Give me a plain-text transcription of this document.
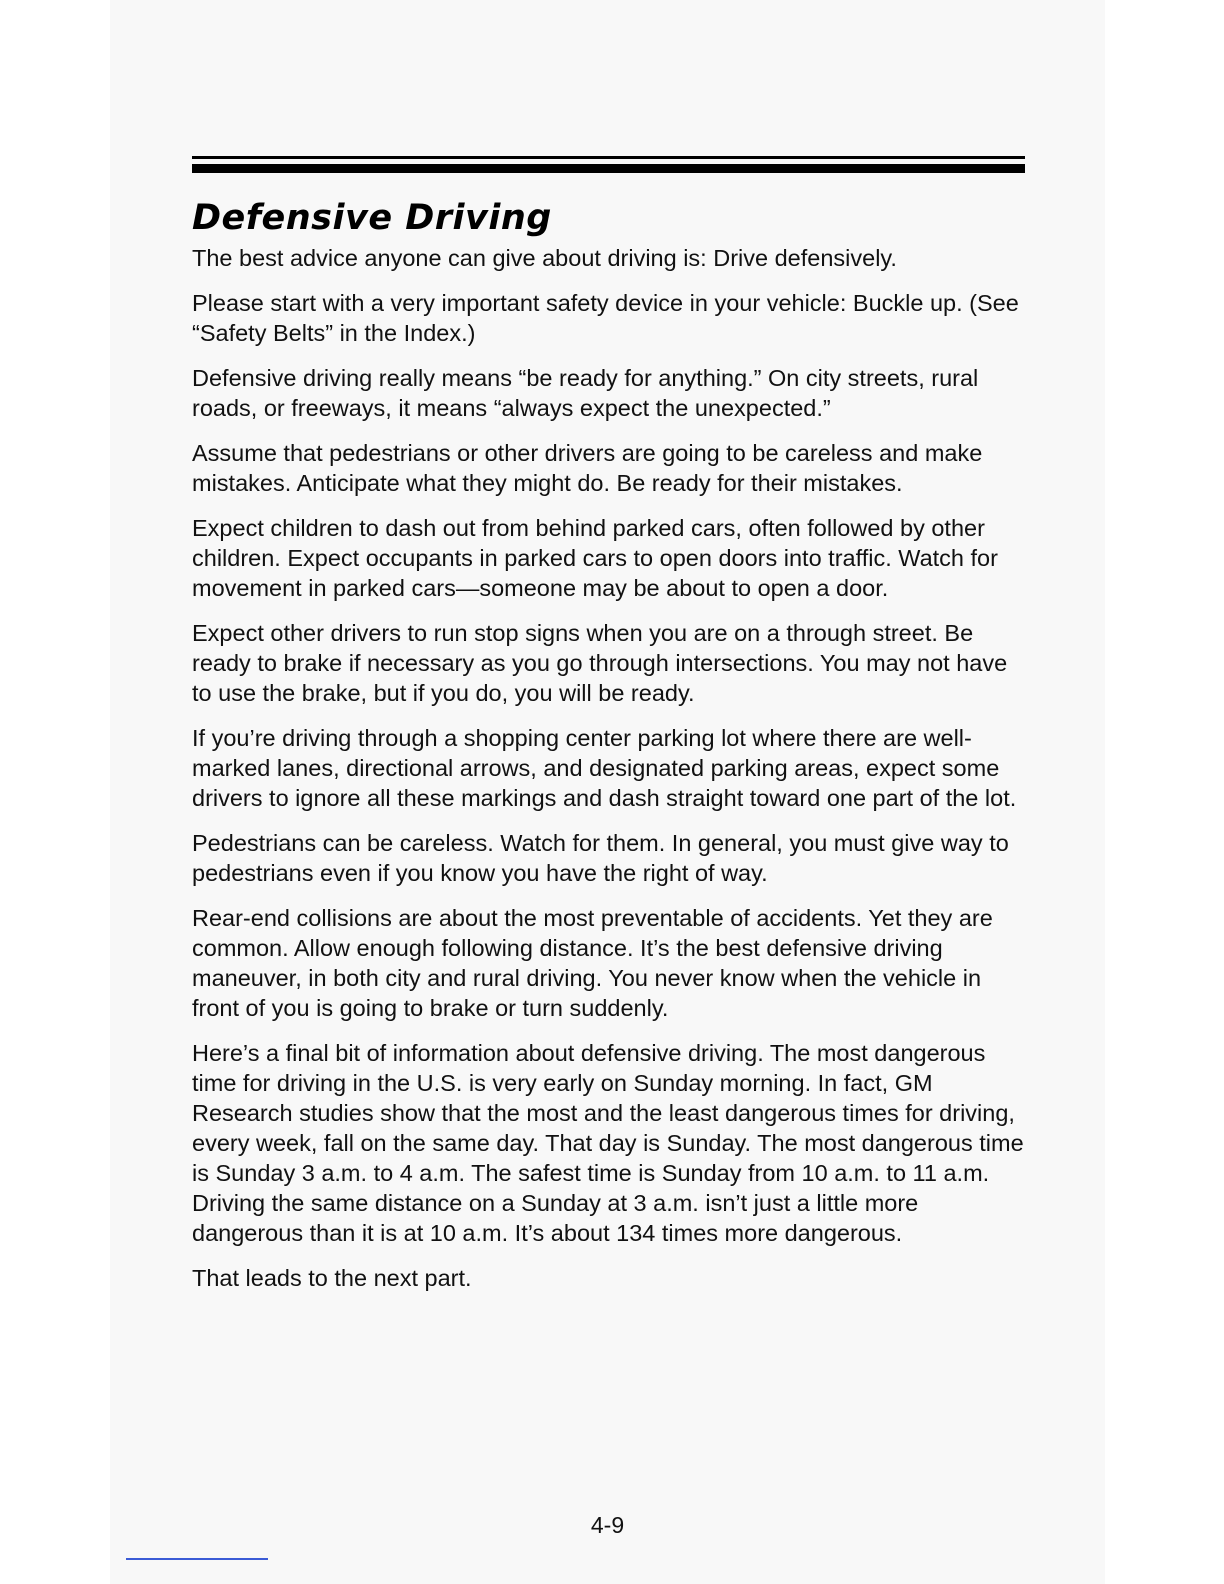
Defensive Driving

The best advice anyone can give about driving is: Drive defensively.

Please start with a very important safety device in your vehicle: Buckle up. (See “Safety Belts” in the Index.)

Defensive driving really means “be ready for anything.” On city streets, rural roads, or freeways, it means “always expect the unexpected.”

Assume that pedestrians or other drivers are going to be careless and make mistakes. Anticipate what they might do. Be ready for their mistakes.

Expect children to dash out from behind parked cars, often followed by other children. Expect occupants in parked cars to open doors into traffic. Watch for movement in parked cars—someone may be about to open a door.

Expect other drivers to run stop signs when you are on a through street. Be ready to brake if necessary as you go through intersections. You may not have to use the brake, but if you do, you will be ready.

If you’re driving through a shopping center parking lot where there are well-marked lanes, directional arrows, and designated parking areas, expect some drivers to ignore all these markings and dash straight toward one part of the lot.

Pedestrians can be careless. Watch for them. In general, you must give way to pedestrians even if you know you have the right of way.

Rear-end collisions are about the most preventable of accidents. Yet they are common. Allow enough following distance. It’s the best defensive driving maneuver, in both city and rural driving. You never know when the vehicle in front of you is going to brake or turn suddenly.

Here’s a final bit of information about defensive driving. The most dangerous time for driving in the U.S. is very early on Sunday morning. In fact, GM Research studies show that the most and the least dangerous times for driving, every week, fall on the same day. That day is Sunday. The most dangerous time is Sunday 3 a.m. to 4 a.m. The safest time is Sunday from 10 a.m. to 11 a.m. Driving the same distance on a Sunday at 3 a.m. isn’t just a little more dangerous than it is at 10 a.m. It’s about 134 times more dangerous.

That leads to the next part.

4-9
